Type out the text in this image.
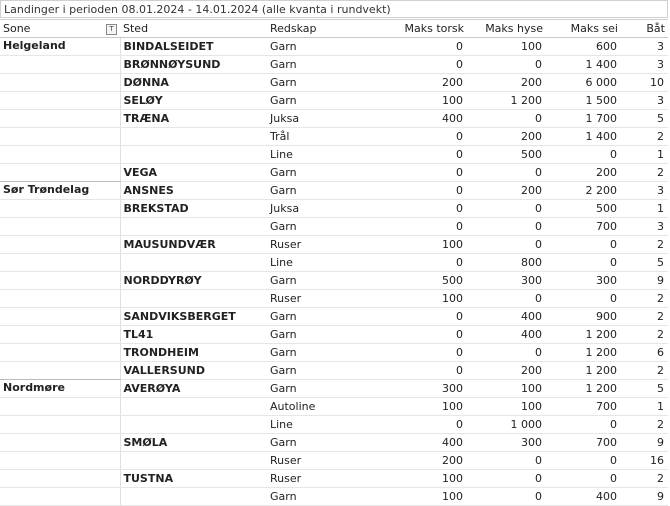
Landinger i perioden 08.01.2024 - 14.01.2024 (alle kvanta i rundvekt)
Sone T	Sted	Redskap	Maks torsk	Maks hyse	Maks sei	Båt
Helgeland	BINDALSEIDET	Garn	0	100	600	3
	BRØNNØYSUND	Garn	0	0	1 400	3
	DØNNA	Garn	200	200	6 000	10
	SELØY	Garn	100	1 200	1 500	3
	TRÆNA	Juksa	400	0	1 700	5
		Trål	0	200	1 400	2
		Line	0	500	0	1
	VEGA	Garn	0	0	200	2
Sør Trøndelag	ANSNES	Garn	0	200	2 200	3
	BREKSTAD	Juksa	0	0	500	1
		Garn	0	0	700	3
	MAUSUNDVÆR	Ruser	100	0	0	2
		Line	0	800	0	5
	NORDDYRØY	Garn	500	300	300	9
		Ruser	100	0	0	2
	SANDVIKSBERGET	Garn	0	400	900	2
	TL41	Garn	0	400	1 200	2
	TRONDHEIM	Garn	0	0	1 200	6
	VALLERSUND	Garn	0	200	1 200	2
Nordmøre	AVERØYA	Garn	300	100	1 200	5
		Autoline	100	100	700	1
		Line	0	1 000	0	2
	SMØLA	Garn	400	300	700	9
		Ruser	200	0	0	16
	TUSTNA	Ruser	100	0	0	2
		Garn	100	0	400	9
